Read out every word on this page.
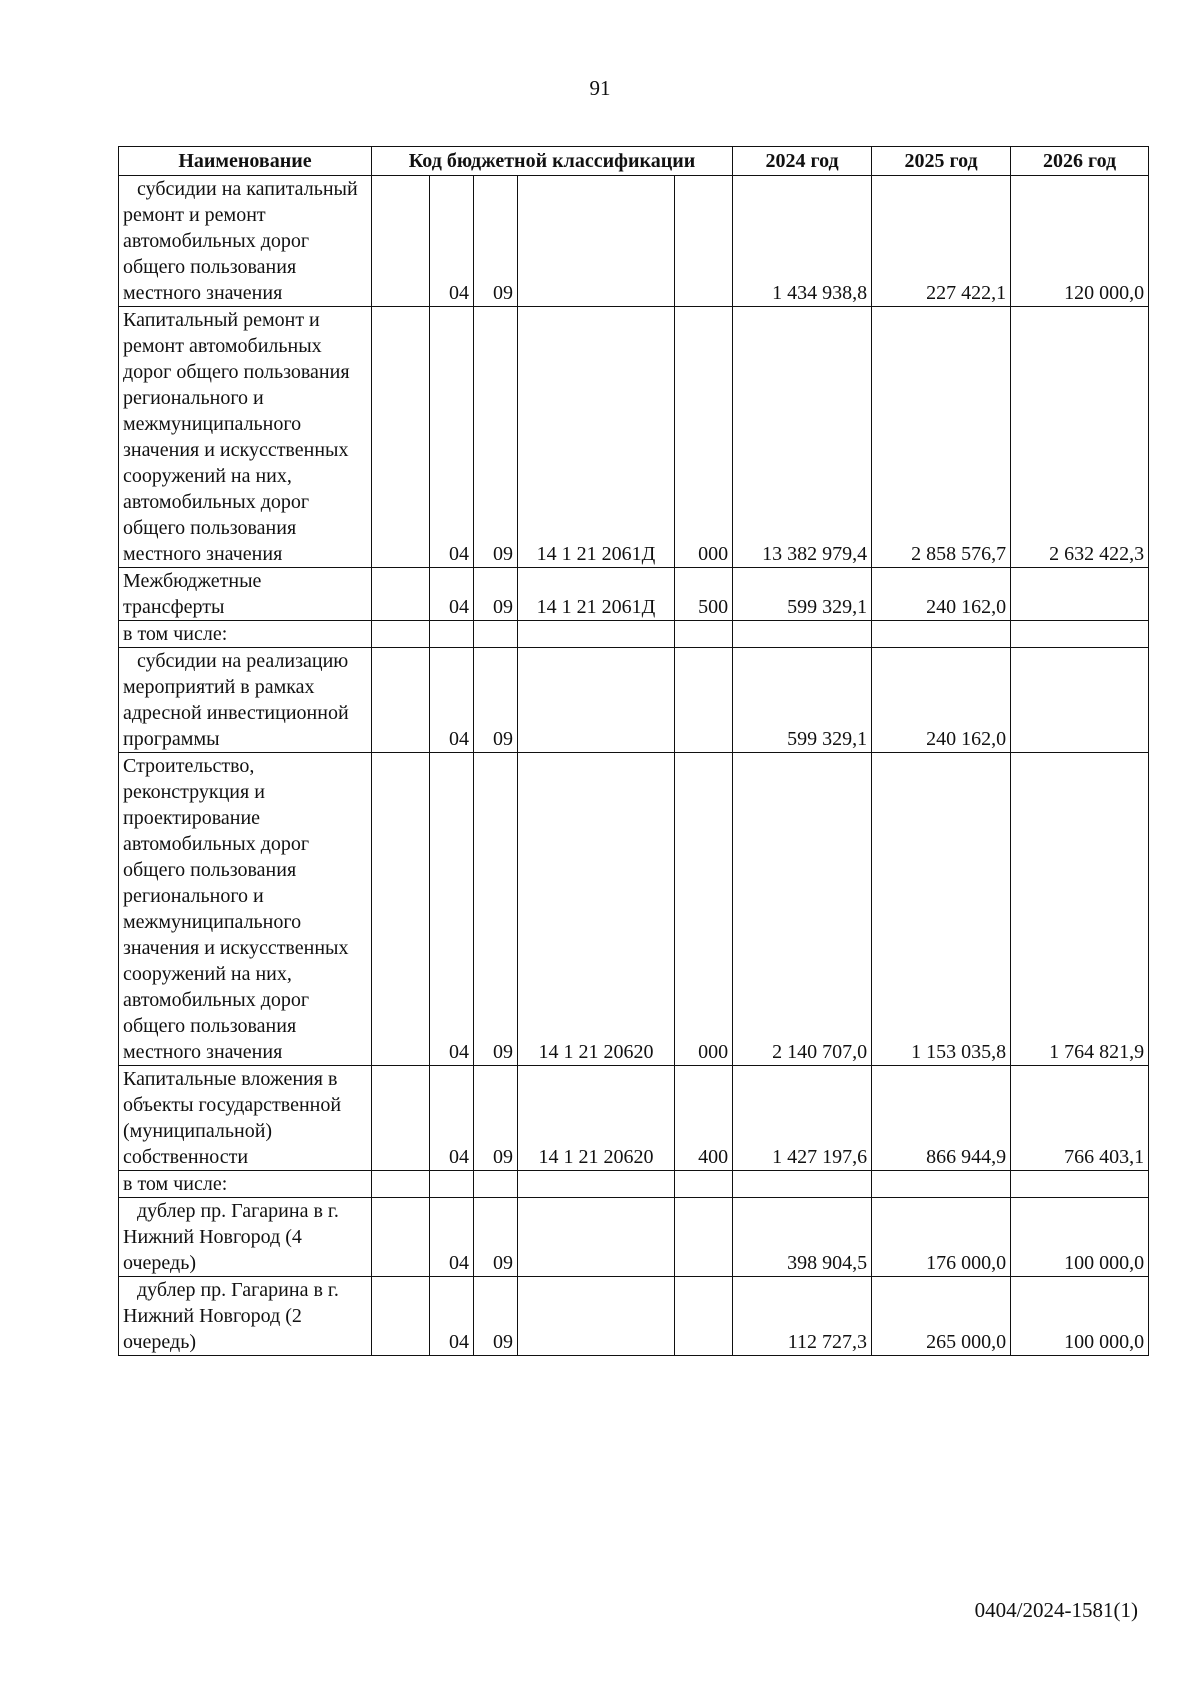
91
Наименование	Код бюджетной классификации					2024 год	2025 год	2026 год

субсидии на капитальный ремонт и ремонт автомобильных дорог общего пользования местного значения		04	09			1 434 938,8	227 422,1	120 000,0

Капитальный ремонт и ремонт автомобильных дорог общего пользования регионального и межмуниципального значения и искусственных сооружений на них, автомобильных дорог общего пользования местного значения		04	09	14 1 21 2061Д	000	13 382 979,4	2 858 576,7	2 632 422,3

Межбюджетные трансферты		04	09	14 1 21 2061Д	500	599 329,1	240 162,0	

в том числе:								

субсидии на реализацию мероприятий в рамках адресной инвестиционной программы		04	09			599 329,1	240 162,0	

Строительство, реконструкция и проектирование автомобильных дорог общего пользования регионального и межмуниципального значения и искусственных сооружений на них, автомобильных дорог общего пользования местного значения		04	09	14 1 21 20620	000	2 140 707,0	1 153 035,8	1 764 821,9

Капитальные вложения в объекты государственной (муниципальной) собственности		04	09	14 1 21 20620	400	1 427 197,6	866 944,9	766 403,1

в том числе:								

дублер пр. Гагарина в г. Нижний Новгород (4 очередь)		04	09			398 904,5	176 000,0	100 000,0

дублер пр. Гагарина в г. Нижний Новгород (2 очередь)		04	09			112 727,3	265 000,0	100 000,0
0404/2024-1581(1)
